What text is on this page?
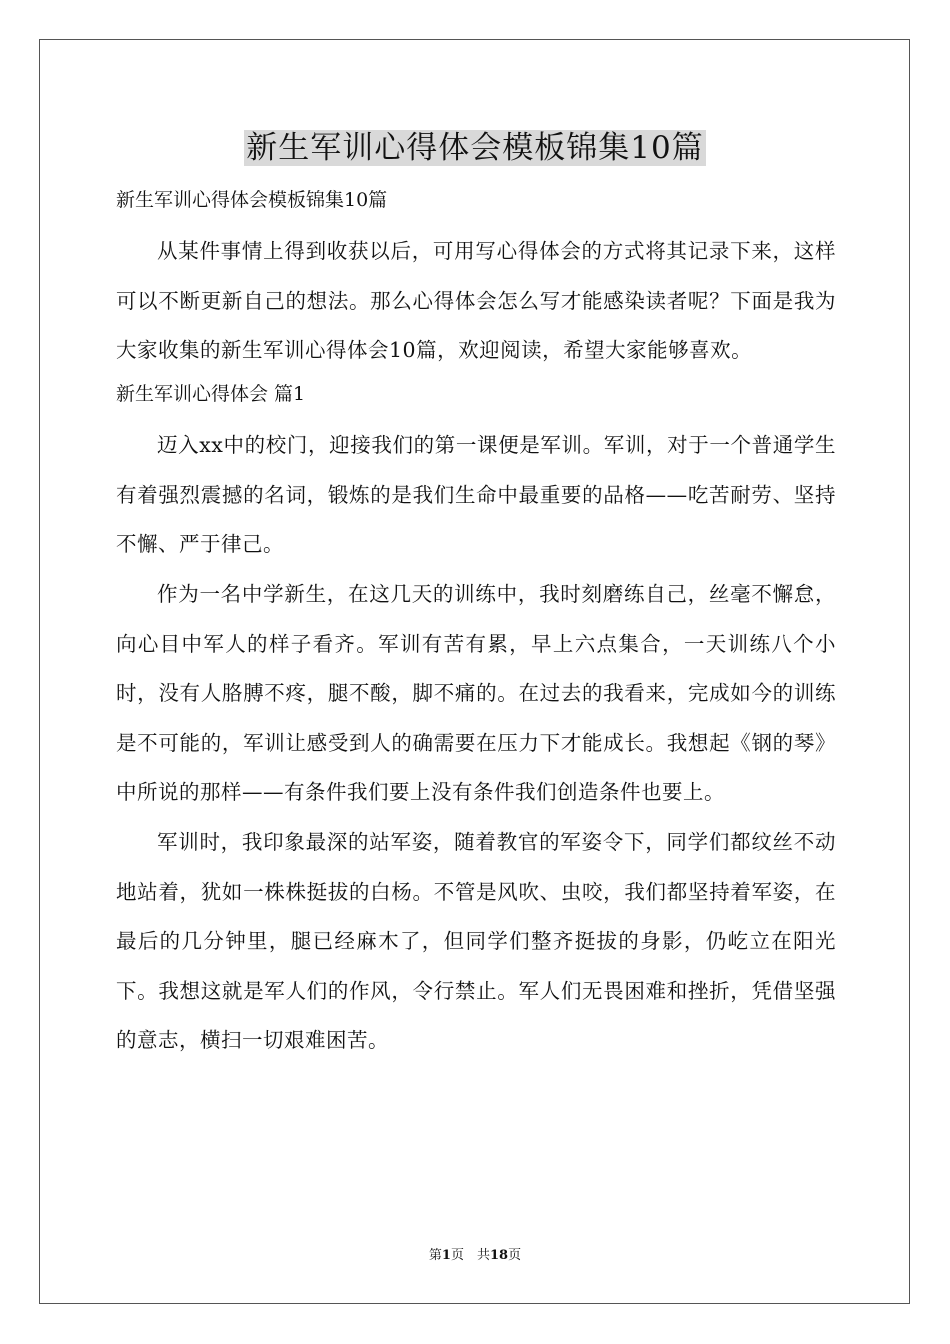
新生军训心得体会模板锦集10篇

新生军训心得体会模板锦集10篇

从某件事情上得到收获以后，可用写心得体会的方式将其记录下来，这样可以不断更新自己的想法。那么心得体会怎么写才能感染读者呢？下面是我为大家收集的新生军训心得体会10篇，欢迎阅读，希望大家能够喜欢。

新生军训心得体会 篇1

迈入xx中的校门，迎接我们的第一课便是军训。军训，对于一个普通学生有着强烈震撼的名词，锻炼的是我们生命中最重要的品格——吃苦耐劳、坚持不懈、严于律己。

作为一名中学新生，在这几天的训练中，我时刻磨练自己，丝毫不懈怠，向心目中军人的样子看齐。军训有苦有累，早上六点集合，一天训练八个小时，没有人胳膊不疼，腿不酸，脚不痛的。在过去的我看来，完成如今的训练是不可能的，军训让感受到人的确需要在压力下才能成长。我想起《钢的琴》中所说的那样——有条件我们要上没有条件我们创造条件也要上。

军训时，我印象最深的站军姿，随着教官的军姿令下，同学们都纹丝不动地站着，犹如一株株挺拔的白杨。不管是风吹、虫咬，我们都坚持着军姿，在最后的几分钟里，腿已经麻木了，但同学们整齐挺拔的身影，仍屹立在阳光下。我想这就是军人们的作风，令行禁止。军人们无畏困难和挫折，凭借坚强的意志，横扫一切艰难困苦。

第1页　共18页
